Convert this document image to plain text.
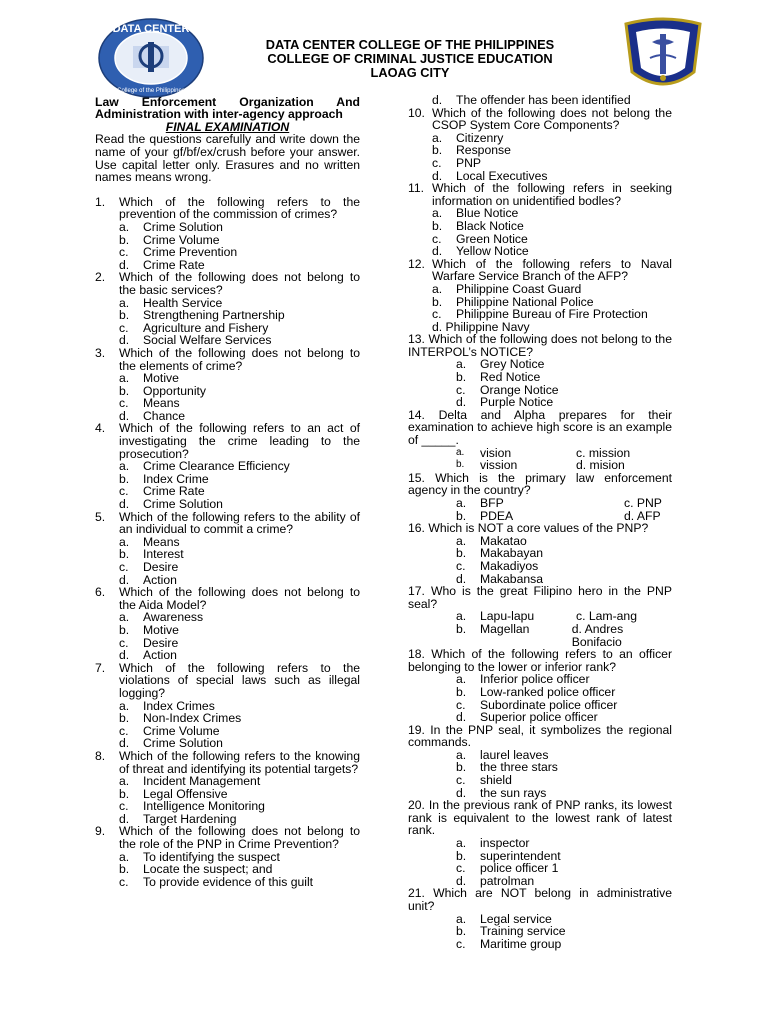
DATA CENTER
College of the Philippines
DATA CENTER COLLEGE OF THE PHILIPPINES
COLLEGE OF CRIMINAL JUSTICE EDUCATION
LAOAG CITY
Law Enforcement Organization And Administration with inter-agency approach
FINAL EXAMINATION
Read the questions carefully and write down the name of your gf/bf/ex/crush before your answer. Use capital letter only. Erasures and no written names means wrong.
1. Which of the following refers to the prevention of the commission of crimes?
a. Crime Solution
b. Crime Volume
c. Crime Prevention
d. Crime Rate
2. Which of the following does not belong to the basic services?
a. Health Service
b. Strengthening Partnership
c. Agriculture and Fishery
d. Social Welfare Services
3. Which of the following does not belong to the elements of crime?
a. Motive
b. Opportunity
c. Means
d. Chance
4. Which of the following refers to an act of investigating the crime leading to the prosecution?
a. Crime Clearance Efficiency
b. Index Crime
c. Crime Rate
d. Crime Solution
5. Which of the following refers to the ability of an individual to commit a crime?
a. Means
b. Interest
c. Desire
d. Action
6. Which of the following does not belong to the Aida Model?
a. Awareness
b. Motive
c. Desire
d. Action
7. Which of the following refers to the violations of special laws such as illegal logging?
a. Index Crimes
b. Non-Index Crimes
c. Crime Volume
d. Crime Solution
8. Which of the following refers to the knowing of threat and identifying its potential targets?
a. Incident Management
b. Legal Offensive
c. Intelligence Monitoring
d. Target Hardening
9. Which of the following does not belong to the role of the PNP in Crime Prevention?
a. To identifying the suspect
b. Locate the suspect; and
c. To provide evidence of this guilt
d. The offender has been identified
10. Which of the following does not belong the CSOP System Core Components?
a. Citizenry
b. Response
c. PNP
d. Local Executives
11. Which of the following refers in seeking information on unidentified bodles?
a. Blue Notice
b. Black Notice
c. Green Notice
d. Yellow Notice
12. Which of the following refers to Naval Warfare Service Branch of the AFP?
a. Philippine Coast Guard
b. Philippine National Police
c. Philippine Bureau of Fire Protection
d. Philippine Navy
13. Which of the following does not belong to the INTERPOL’s NOTICE?
a. Grey Notice
b. Red Notice
c. Orange Notice
d. Purple Notice
14. Delta and Alpha prepares for their examination to achieve high score is an example of _____.
a. vision	c. mission
b. vission	d. mision
15. Which is the primary law enforcement agency in the country?
a. BFP	c. PNP
b. PDEA	d. AFP
16. Which is NOT a core values of the PNP?
a. Makatao
b. Makabayan
c. Makadiyos
d. Makabansa
17. Who is the great Filipino hero in the PNP seal?
a. Lapu-lapu	c. Lam-ang
b. Magellan	d. Andres Bonifacio
18. Which of the following refers to an officer belonging to the lower or inferior rank?
a. Inferior police officer
b. Low-ranked police officer
c. Subordinate police officer
d. Superior police officer
19. In the PNP seal, it symbolizes the regional commands.
a. laurel leaves
b. the three stars
c. shield
d. the sun rays
20. In the previous rank of PNP ranks, its lowest rank is equivalent to the lowest rank of latest rank.
a. inspector
b. superintendent
c. police officer 1
d. patrolman
21. Which are NOT belong in administrative unit?
a. Legal service
b. Training service
c. Maritime group
